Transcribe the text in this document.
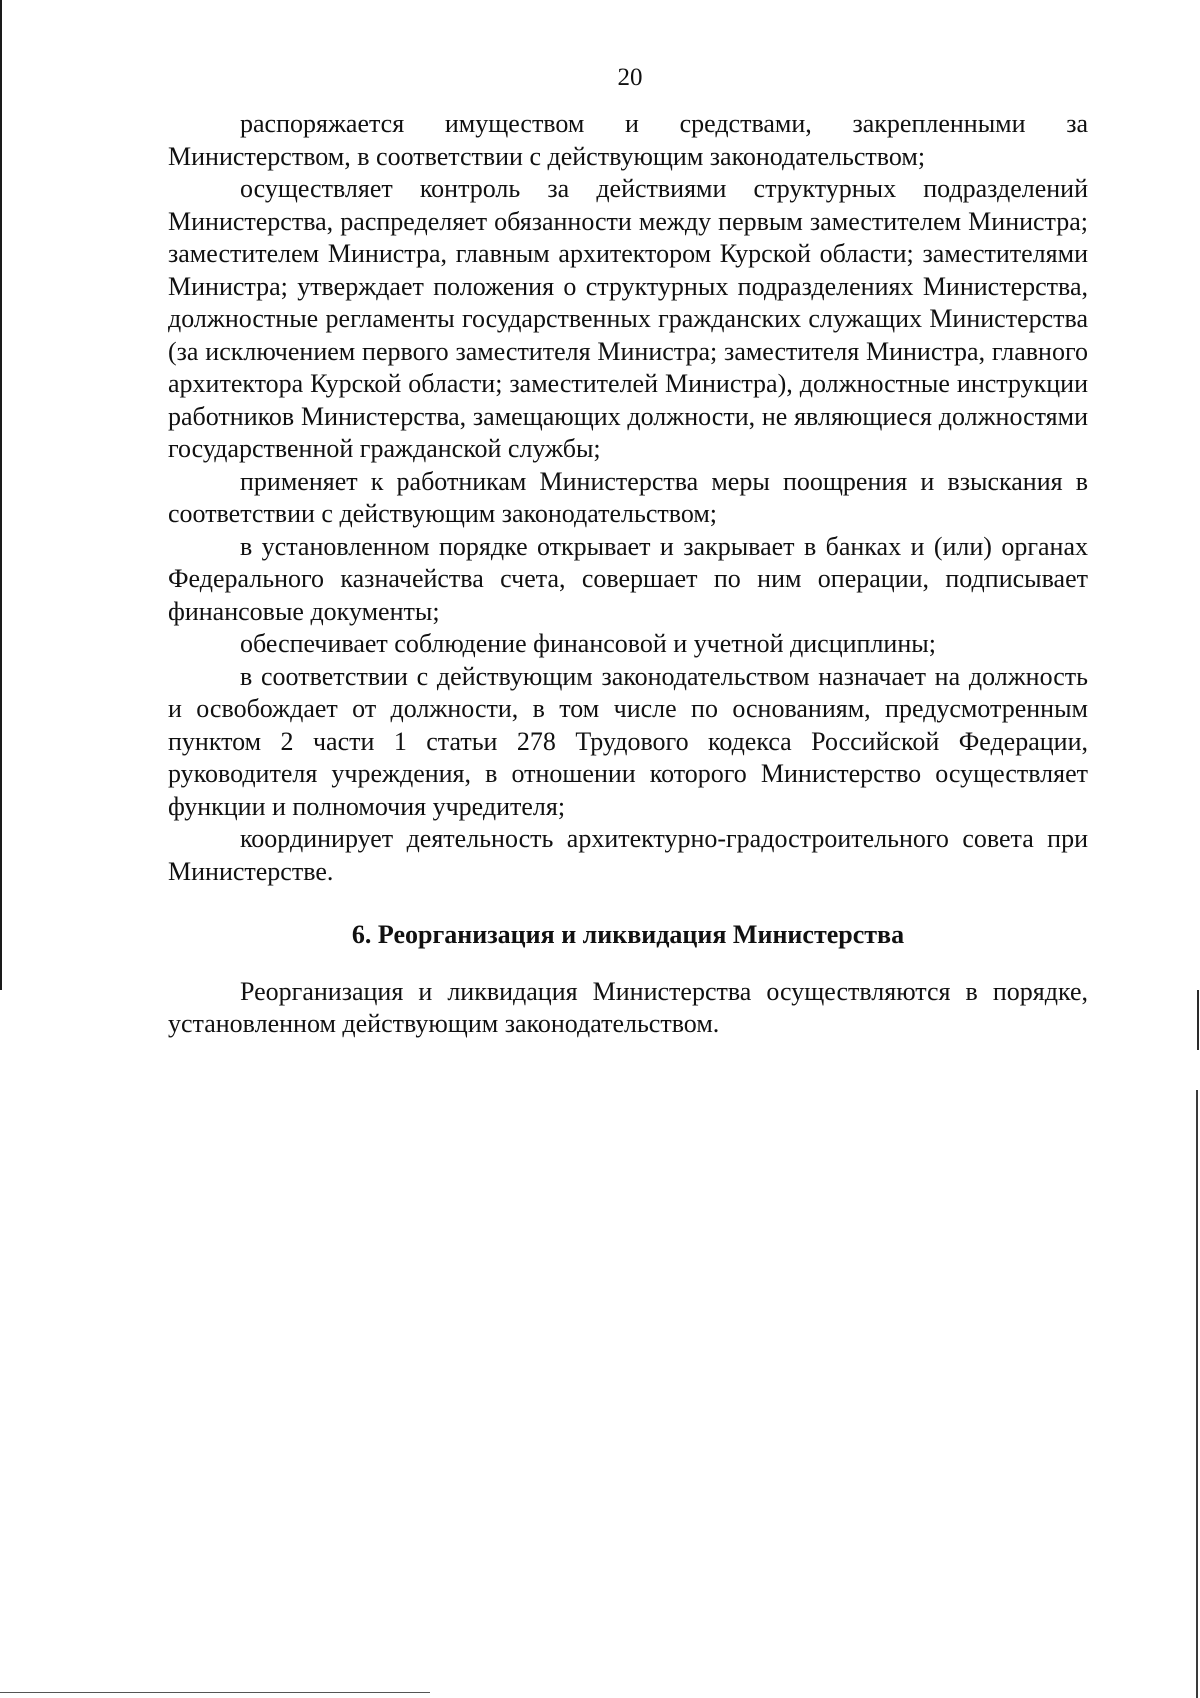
20

распоряжается имуществом и средствами, закрепленными за Министерством, в соответствии с действующим законодательством;

осуществляет контроль за действиями структурных подразделений Министерства, распределяет обязанности между первым заместителем Министра; заместителем Министра, главным архитектором Курской области; заместителями Министра; утверждает положения о структурных подразделениях Министерства, должностные регламенты государственных гражданских служащих Министерства (за исключением первого заместителя Министра; заместителя Министра, главного архитектора Курской области; заместителей Министра), должностные инструкции работников Министерства, замещающих должности, не являющиеся должностями государственной гражданской службы;

применяет к работникам Министерства меры поощрения и взыскания в соответствии с действующим законодательством;

в установленном порядке открывает и закрывает в банках и (или) органах Федерального казначейства счета, совершает по ним операции, подписывает финансовые документы;

обеспечивает соблюдение финансовой и учетной дисциплины;

в соответствии с действующим законодательством назначает на должность и освобождает от должности, в том числе по основаниям, предусмотренным пунктом 2 части 1 статьи 278 Трудового кодекса Российской Федерации, руководителя учреждения, в отношении которого Министерство осуществляет функции и полномочия учредителя;

координирует деятельность архитектурно-градостроительного совета при Министерстве.

6. Реорганизация и ликвидация Министерства

Реорганизация и ликвидация Министерства осуществляются в порядке, установленном действующим законодательством.
